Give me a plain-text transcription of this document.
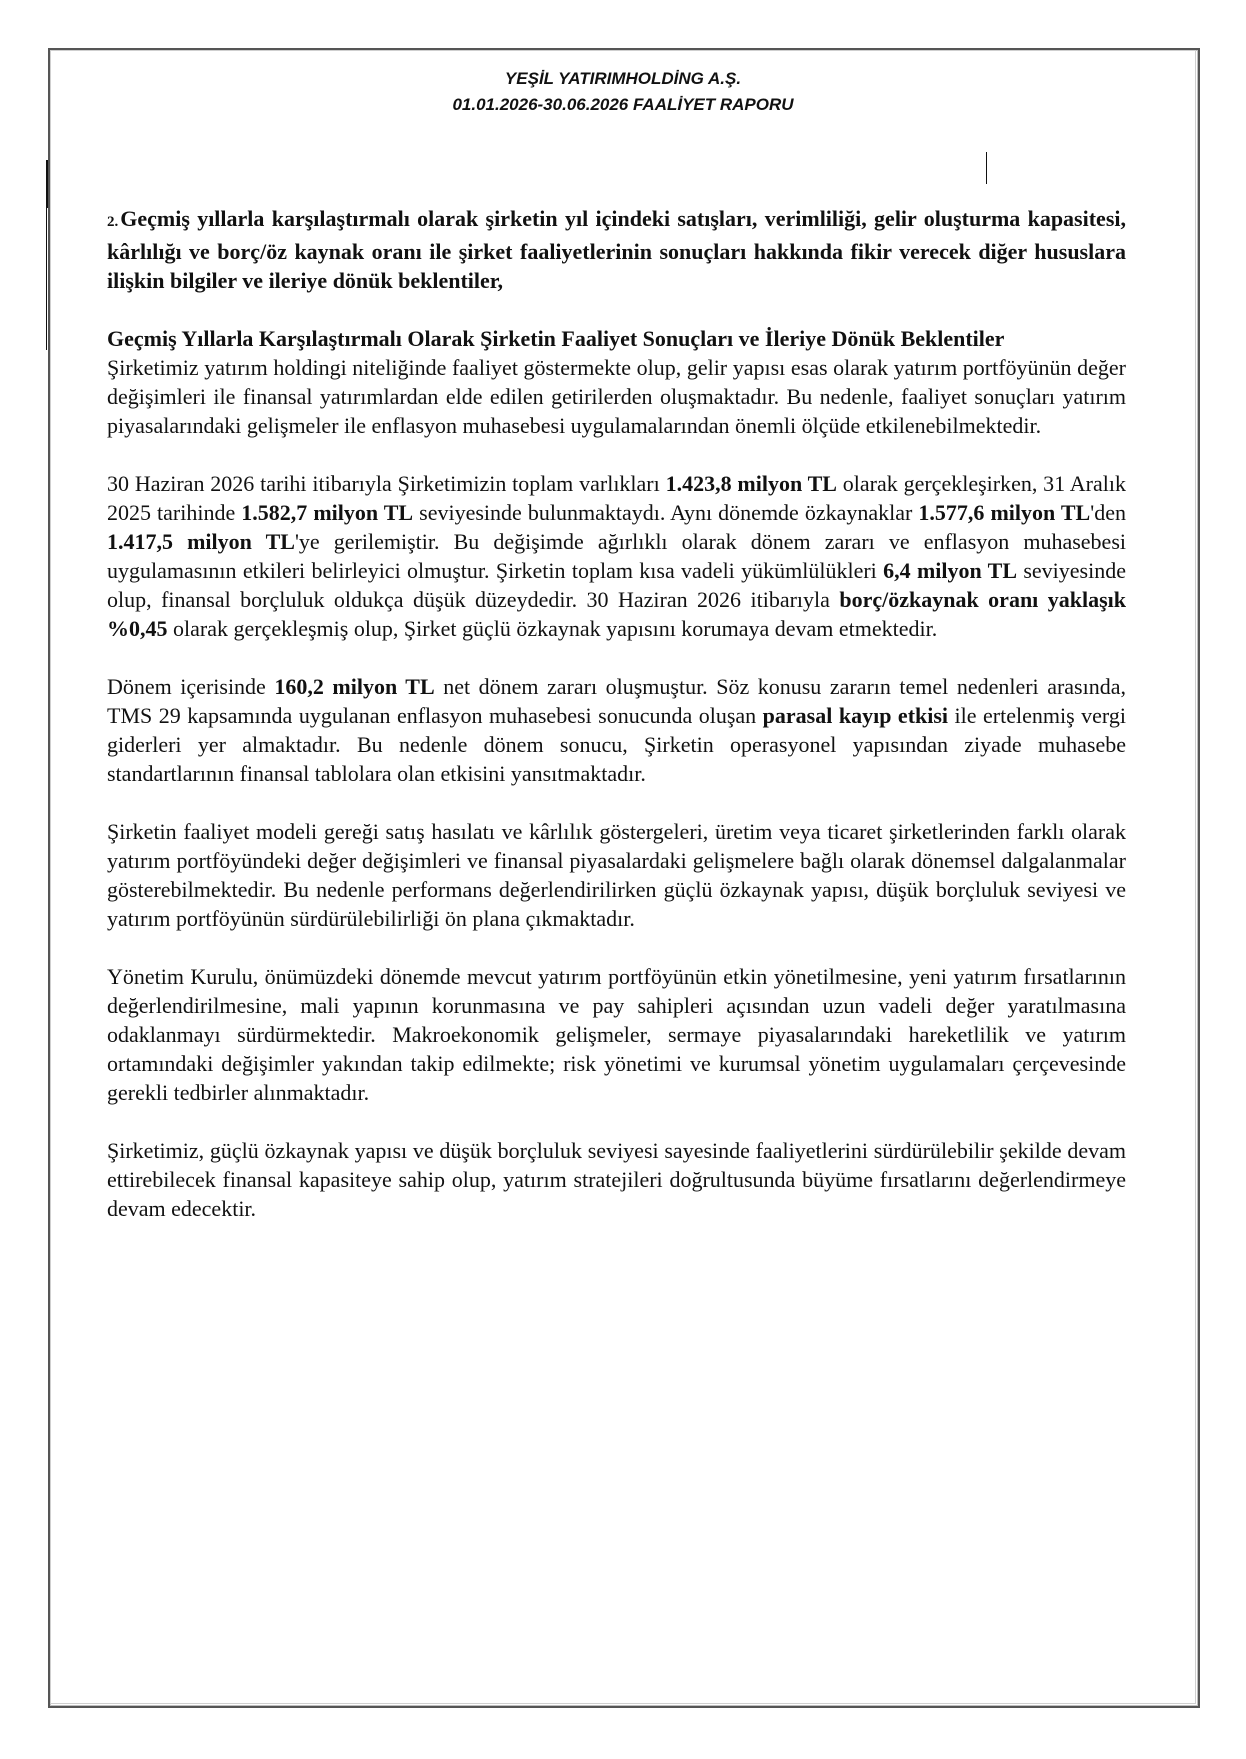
YEŞİL YATIRIMHOLDİNG A.Ş.
01.01.2026-30.06.2026 FAALİYET RAPORU

2.Geçmiş yıllarla karşılaştırmalı olarak şirketin yıl içindeki satışları, verimliliği, gelir oluşturma kapasitesi, kârlılığı ve borç/öz kaynak oranı ile şirket faaliyetlerinin sonuçları hakkında fikir verecek diğer hususlara ilişkin bilgiler ve ileriye dönük beklentiler,

Geçmiş Yıllarla Karşılaştırmalı Olarak Şirketin Faaliyet Sonuçları ve İleriye Dönük Beklentiler

Şirketimiz yatırım holdingi niteliğinde faaliyet göstermekte olup, gelir yapısı esas olarak yatırım portföyünün değer değişimleri ile finansal yatırımlardan elde edilen getirilerden oluşmaktadır. Bu nedenle, faaliyet sonuçları yatırım piyasalarındaki gelişmeler ile enflasyon muhasebesi uygulamalarından önemli ölçüde etkilenebilmektedir.

30 Haziran 2026 tarihi itibarıyla Şirketimizin toplam varlıkları 1.423,8 milyon TL olarak gerçekleşirken, 31 Aralık 2025 tarihinde 1.582,7 milyon TL seviyesinde bulunmaktaydı. Aynı dönemde özkaynaklar 1.577,6 milyon TL'den 1.417,5 milyon TL'ye gerilemiştir. Bu değişimde ağırlıklı olarak dönem zararı ve enflasyon muhasebesi uygulamasının etkileri belirleyici olmuştur. Şirketin toplam kısa vadeli yükümlülükleri 6,4 milyon TL seviyesinde olup, finansal borçluluk oldukça düşük düzeydedir. 30 Haziran 2026 itibarıyla borç/özkaynak oranı yaklaşık %0,45 olarak gerçekleşmiş olup, Şirket güçlü özkaynak yapısını korumaya devam etmektedir.

Dönem içerisinde 160,2 milyon TL net dönem zararı oluşmuştur. Söz konusu zararın temel nedenleri arasında, TMS 29 kapsamında uygulanan enflasyon muhasebesi sonucunda oluşan parasal kayıp etkisi ile ertelenmiş vergi giderleri yer almaktadır. Bu nedenle dönem sonucu, Şirketin operasyonel yapısından ziyade muhasebe standartlarının finansal tablolara olan etkisini yansıtmaktadır.

Şirketin faaliyet modeli gereği satış hasılatı ve kârlılık göstergeleri, üretim veya ticaret şirketlerinden farklı olarak yatırım portföyündeki değer değişimleri ve finansal piyasalardaki gelişmelere bağlı olarak dönemsel dalgalanmalar gösterebilmektedir. Bu nedenle performans değerlendirilirken güçlü özkaynak yapısı, düşük borçluluk seviyesi ve yatırım portföyünün sürdürülebilirliği ön plana çıkmaktadır.

Yönetim Kurulu, önümüzdeki dönemde mevcut yatırım portföyünün etkin yönetilmesine, yeni yatırım fırsatlarının değerlendirilmesine, mali yapının korunmasına ve pay sahipleri açısından uzun vadeli değer yaratılmasına odaklanmayı sürdürmektedir. Makroekonomik gelişmeler, sermaye piyasalarındaki hareketlilik ve yatırım ortamındaki değişimler yakından takip edilmekte; risk yönetimi ve kurumsal yönetim uygulamaları çerçevesinde gerekli tedbirler alınmaktadır.

Şirketimiz, güçlü özkaynak yapısı ve düşük borçluluk seviyesi sayesinde faaliyetlerini sürdürülebilir şekilde devam ettirebilecek finansal kapasiteye sahip olup, yatırım stratejileri doğrultusunda büyüme fırsatlarını değerlendirmeye devam edecektir.
